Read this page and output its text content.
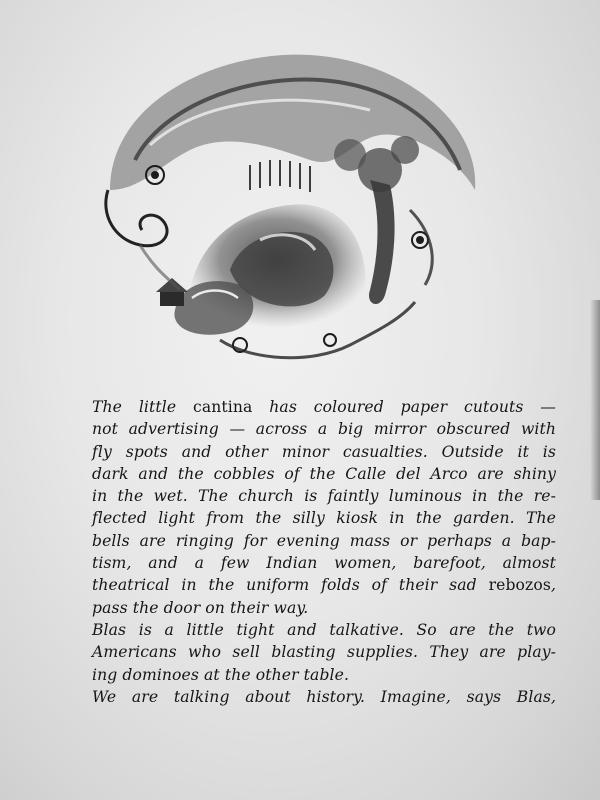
The little cantina has coloured paper cutouts —
not advertising — across a big mirror obscured with
fly spots and other minor casualties. Outside it is
dark and the cobbles of the Calle del Arco are shiny
in the wet. The church is faintly luminous in the re-
flected light from the silly kiosk in the garden. The
bells are ringing for evening mass or perhaps a bap-
tism, and a few Indian women, barefoot, almost
theatrical in the uniform folds of their sad rebozos,
pass the door on their way.

Blas is a little tight and talkative. So are the two
Americans who sell blasting supplies. They are play-
ing dominoes at the other table.

We are talking about history. Imagine, says Blas,
